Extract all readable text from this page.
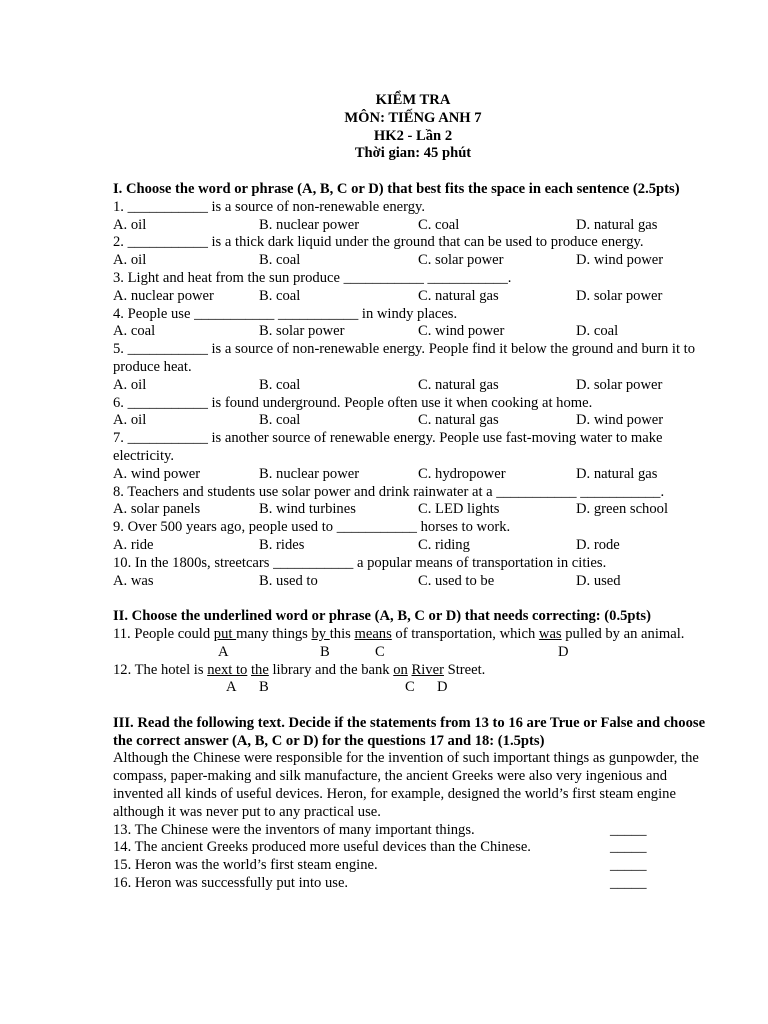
KIỂM TRA
MÔN: TIẾNG ANH 7
HK2 - Lần 2
Thời gian: 45 phút
I. Choose the word or phrase (A, B, C or D) that best fits the space in each sentence (2.5pts)
1. ___________ is a source of non-renewable energy.
A. oil	B. nuclear power	C. coal	D. natural gas
2. ___________ is a thick dark liquid under the ground that can be used to produce energy.
A. oil	B. coal	C. solar power	D. wind power
3. Light and heat from the sun produce ___________ ___________.
A. nuclear power	B. coal	C. natural gas	D. solar power
4. People use ___________ ___________ in windy places.
A. coal	B. solar power	C. wind power	D. coal
5. ___________ is a source of non-renewable energy. People find it below the ground and burn it to produce heat.
A. oil	B. coal	C. natural gas	D. solar power
6. ___________ is found underground. People often use it when cooking at home.
A. oil	B. coal	C. natural gas	D. wind power
7. ___________ is another source of renewable energy. People use fast-moving water to make electricity.
A. wind power	B. nuclear power	C. hydropower	D. natural gas
8. Teachers and students use solar power and drink rainwater at a ___________ ___________.
A. solar panels	B. wind turbines	C. LED lights	D. green school
9. Over 500 years ago, people used to ___________ horses to work.
A. ride	B. rides	C. riding	D. rode
10. In the 1800s, streetcars ___________ a popular means of transportation in cities.
A. was	B. used to	C. used to be	D. used
II. Choose the underlined word or phrase (A, B, C or D) that needs correcting: (0.5pts)
11. People could put many things by this means of transportation, which was pulled by an animal.
A	B	C	D
12. The hotel is next to the library and the bank on River Street.
A B	C D
III. Read the following text. Decide if the statements from 13 to 16 are True or False and choose the correct answer (A, B, C or D) for the questions 17 and 18: (1.5pts)
Although the Chinese were responsible for the invention of such important things as gunpowder, the compass, paper-making and silk manufacture, the ancient Greeks were also very ingenious and invented all kinds of useful devices. Heron, for example, designed the world’s first steam engine although it was never put to any practical use.
13. The Chinese were the inventors of many important things.	_____
14. The ancient Greeks produced more useful devices than the Chinese.	_____
15. Heron was the world’s first steam engine.	_____
16. Heron was successfully put into use.	_____
